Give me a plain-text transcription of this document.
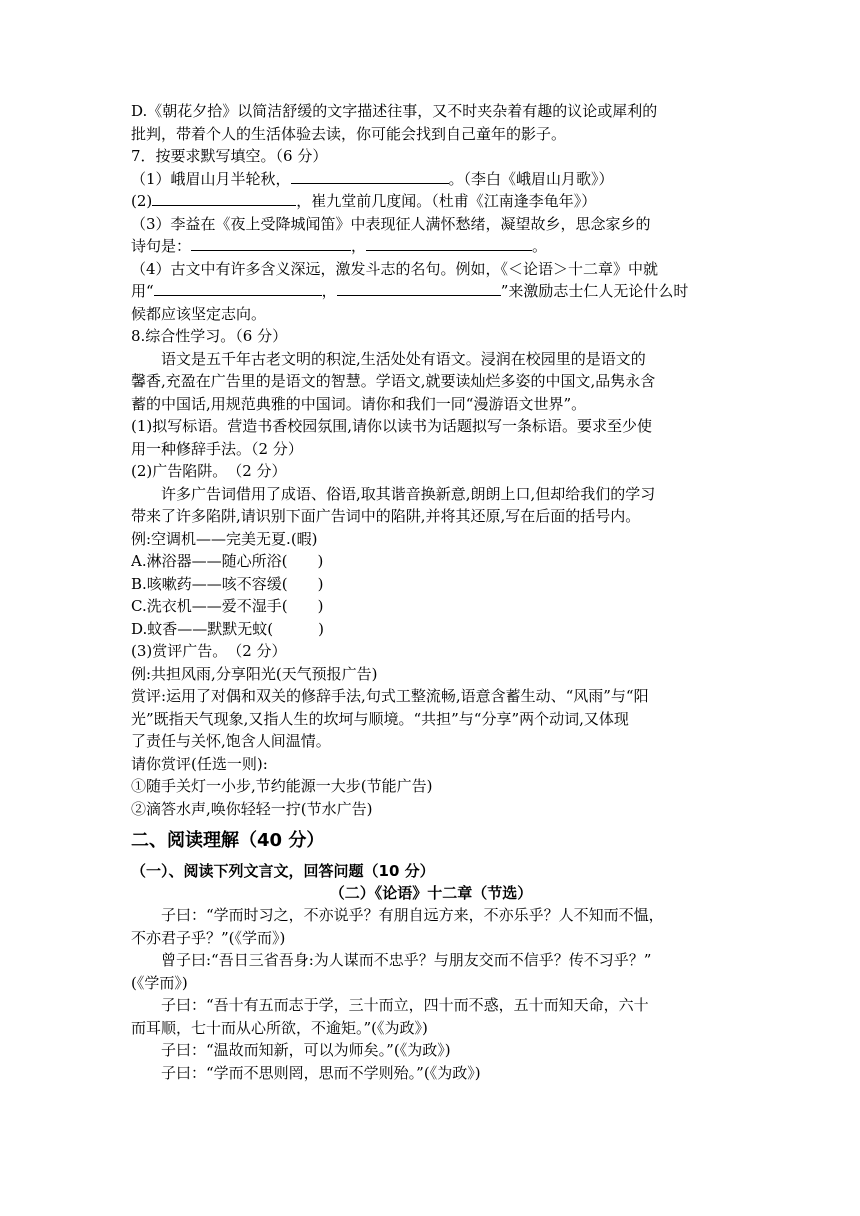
D.《朝花夕拾》以简洁舒缓的文字描述往事，又不时夹杂着有趣的议论或犀利的
批判，带着个人的生活体验去读，你可能会找到自己童年的影子。
7．按要求默写填空。（6 分）
（1）峨眉山月半轮秋，	。（李白《峨眉山月歌》）
(2)	，崔九堂前几度闻。（杜甫《江南逢李龟年》）
（3）李益在《夜上受降城闻笛》中表现征人满怀愁绪，凝望故乡，思念家乡的
诗句是：	，	。
（4）古文中有许多含义深远，激发斗志的名句。例如，《＜论语＞十二章》中就
用“	，	”来激励志士仁人无论什么时
候都应该坚定志向。
8.综合性学习。（6 分）
语文是五千年古老文明的积淀,生活处处有语文。浸润在校园里的是语文的
馨香,充盈在广告里的是语文的智慧。学语文,就要读灿烂多姿的中国文,品隽永含
蓄的中国话,用规范典雅的中国词。请你和我们一同“漫游语文世界”。
(1)拟写标语。营造书香校园氛围,请你以读书为话题拟写一条标语。要求至少使
用一种修辞手法。（2 分）
(2)广告陷阱。　（2 分）
许多广告词借用了成语、俗语,取其谐音换新意,朗朗上口,但却给我们的学习
带来了许多陷阱,请识别下面广告词中的陷阱,并将其还原,写在后面的括号内。
例:空调机——完美无夏.(暇)
A.淋浴器——随心所浴(　　)
B.咳嗽药——咳不容缓(　　)
C.洗衣机——爱不湿手(　　)
D.蚊香——默默无蚊(　　　)
(3)赏评广告。　（2 分）
例:共担风雨,分享阳光(天气预报广告)
赏评:运用了对偶和双关的修辞手法,句式工整流畅,语意含蓄生动、“风雨”与“阳
光”既指天气现象,又指人生的坎坷与顺境。“共担”与“分享”两个动词,又体现
了责任与关怀,饱含人间温情。
请你赏评(任选一则):
①随手关灯一小步,节约能源一大步(节能广告)
②滴答水声,唤你轻轻一拧(节水广告)
二、阅读理解（40 分）
（一）、阅读下列文言文，回答问题（10 分）
（二）《论语》十二章（节选）
子曰：“学而时习之，不亦说乎？有朋自远方来，不亦乐乎？人不知而不愠，
不亦君子乎？”(《学而》)
曾子曰:“吾日三省吾身:为人谋而不忠乎？与朋友交而不信乎？传不习乎？”
(《学而》)
子曰：“吾十有五而志于学，三十而立，四十而不惑，五十而知天命，六十
而耳顺，七十而从心所欲，不逾矩。”(《为政》)
子曰：“温故而知新，可以为师矣。”(《为政》)
子曰：“学而不思则罔，思而不学则殆。”(《为政》)
